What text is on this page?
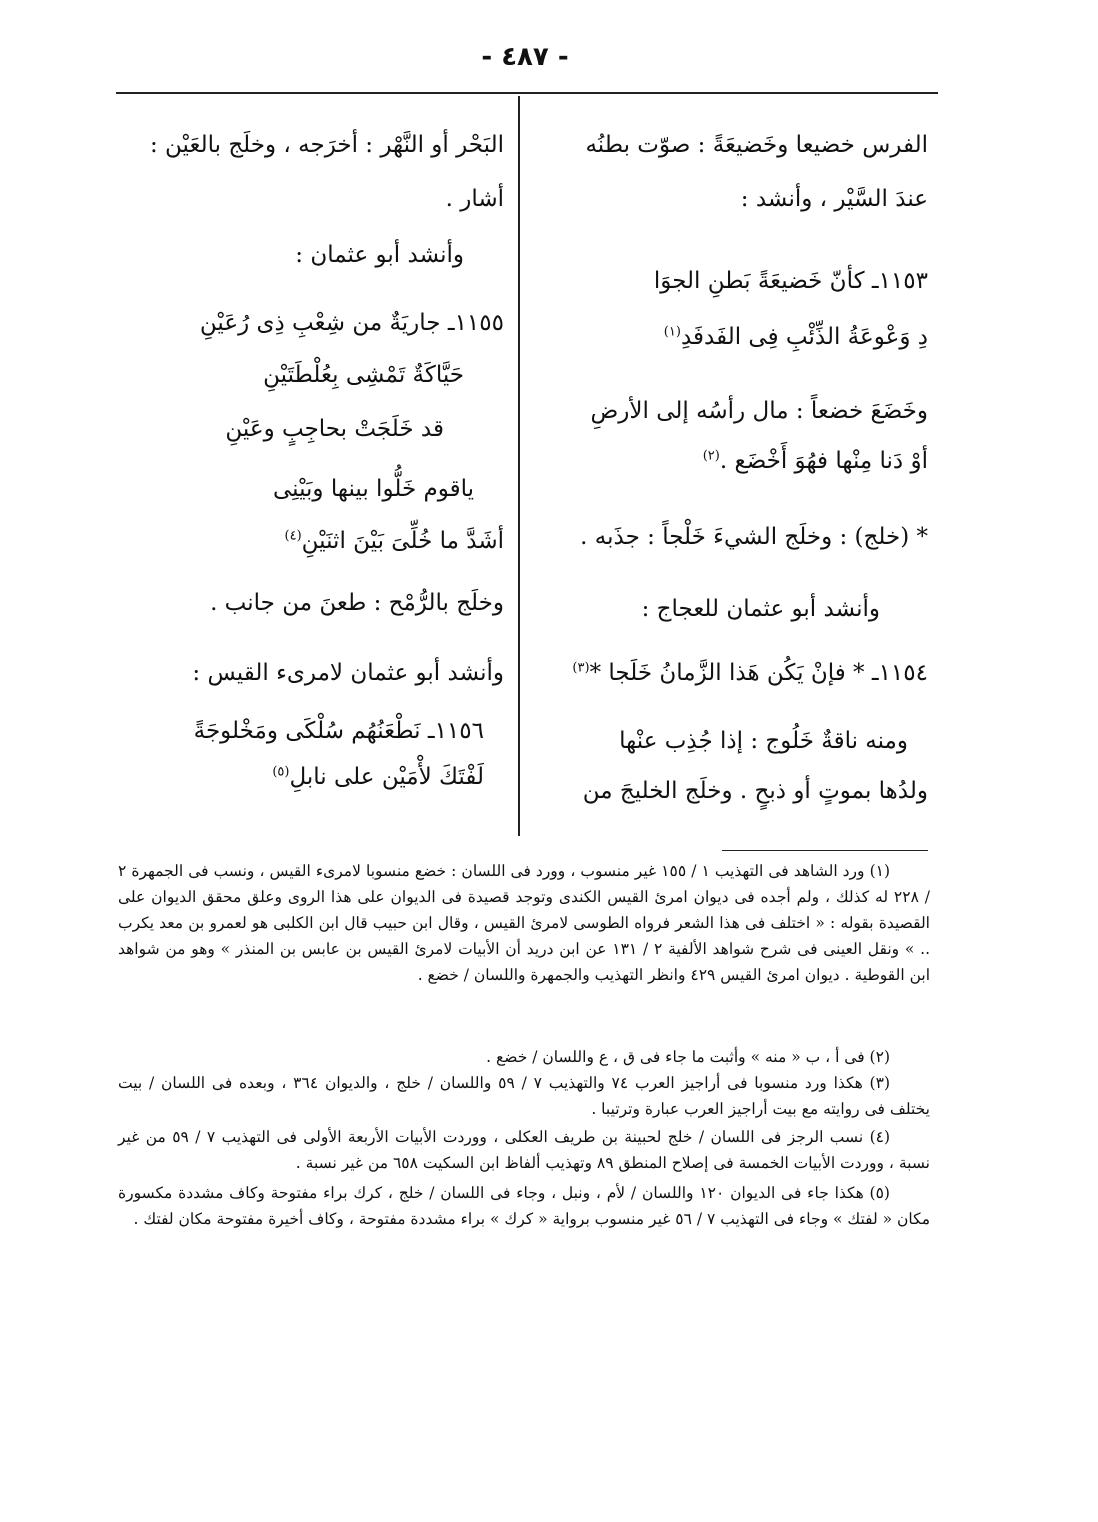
- ٤٨٧ -
الفرس خضيعا وخَضيعَةً : صوّت بطنُه
عندَ السَّيْر ، وأنشد :
١١٥٣ـ كأنّ خَضيعَةً بَطنِ الجوَا
دِ وَعْوعَةُ الذِّئْبِ فِى الفَدفَدِ$^{(١)}$
وخَضَعَ خضعاً : مال رأسُه إلى الأرضِ
أوْ دَنا مِنْها فهُوَ أَخْضَع .$^{(٢)}$
* (خلج) : وخلَج الشيءَ خَلْجاً : جذَبه .
وأنشد أبو عثمان للعجاج :
١١٥٤ـ * فإنْ يَكُن هَذا الزَّمانُ خَلَجا *$^{(٣)}$
ومنه ناقةٌ خَلُوج : إذا جُذِب عنْها
ولدُها بموتٍ أو ذبحٍ . وخلَج الخليجَ من
البَحْر أو النَّهْر : أخرَجه ، وخلَج بالعَيْن :
أشار .
وأنشد أبو عثمان :
١١٥٥ـ جاريَةٌ من شِعْبِ ذِى رُعَيْنِ
حَيَّاكَةٌ تَمْشِى بِعُلْطَتَيْنِ
قد خَلَجَتْ بحاجِبٍ وعَيْنِ
ياقوم خَلُّوا بينها وبَيْنِى
أشَدَّ ما خُلِّىَ بَيْنَ اثنَيْنِ$^{(٤)}$
وخلَج بالرُّمْح : طعنَ من جانب .
وأنشد أبو عثمان لامرىء القيس :
١١٥٦ـ نَطْعَنُهُم سُلْكَى ومَخْلوجَةً
لَفْتَكَ لأْمَيْن على نابلِ$^{(٥)}$

(١) ورد الشاهد فى التهذيب ١ / ١٥٥ غير منسوب ، وورد فى اللسان : خضع منسوبا لامرىء القيس ، ونسب فى الجمهرة ٢ / ٢٢٨ له كذلك ، ولم أجده فى ديوان امرئ القيس الكندى وتوجد قصيدة فى الديوان على هذا الروى وعلق محقق الديوان على القصيدة بقوله : « اختلف فى هذا الشعر فرواه الطوسى لامرئ القيس ، وقال ابن حبيب قال ابن الكلبى هو لعمرو بن معد يكرب .. » ونقل العينى فى شرح شواهد الألفية ٢ / ١٣١ عن ابن دريد أن الأبيات لامرئ القيس بن عابس بن المنذر » وهو من شواهد ابن القوطية . ديوان امرئ القيس ٤٢٩ وانظر التهذيب والجمهرة واللسان / خضع .

(٢) فى أ ، ب « منه » وأثبت ما جاء فى ق ، ع واللسان / خضع .

(٣) هكذا ورد منسوبا فى أراجيز العرب ٧٤ والتهذيب ٧ / ٥٩ واللسان / خلج ، والديوان ٣٦٤ ، وبعده فى اللسان / بيت يختلف فى روايته مع بيت أراجيز العرب عبارة وترتيبا .

(٤) نسب الرجز فى اللسان / خلج لحبينة بن طريف العكلى ، ووردت الأبيات الأربعة الأولى فى التهذيب ٧ / ٥٩ من غير نسبة ، ووردت الأبيات الخمسة فى إصلاح المنطق ٨٩ وتهذيب ألفاظ ابن السكيت ٦٥٨ من غير نسبة .

(٥) هكذا جاء فى الديوان ١٢٠ واللسان / لأم ، ونبل ، وجاء فى اللسان / خلج ، كرك براء مفتوحة وكاف مشددة مكسورة مكان « لفتك » وجاء فى التهذيب ٧ / ٥٦ غير منسوب برواية « كرك » براء مشددة مفتوحة ، وكاف أخيرة مفتوحة مكان لفتك .
